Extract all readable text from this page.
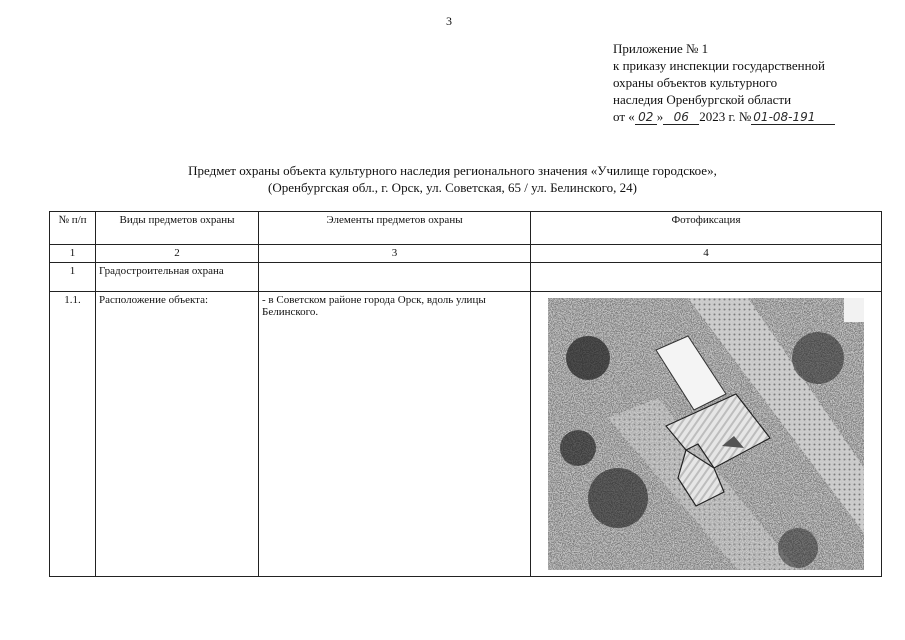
3
Приложение № 1
к приказу инспекции государственной
охраны объектов культурного
наследия Оренбургской области
от « 02 » 06 2023 г. № 01-08-191
Предмет охраны объекта культурного наследия регионального значения «Училище городское»,
(Оренбургская обл., г. Орск, ул. Советская, 65 / ул. Белинского, 24)
№ п/п	Виды предметов охраны	Элементы предметов охраны	Фотофиксация
1	2	3	4
1	Градостроительная охрана		
1.1.	Расположение объекта:	- в Советском районе города Орск, вдоль улицы Белинского.	
